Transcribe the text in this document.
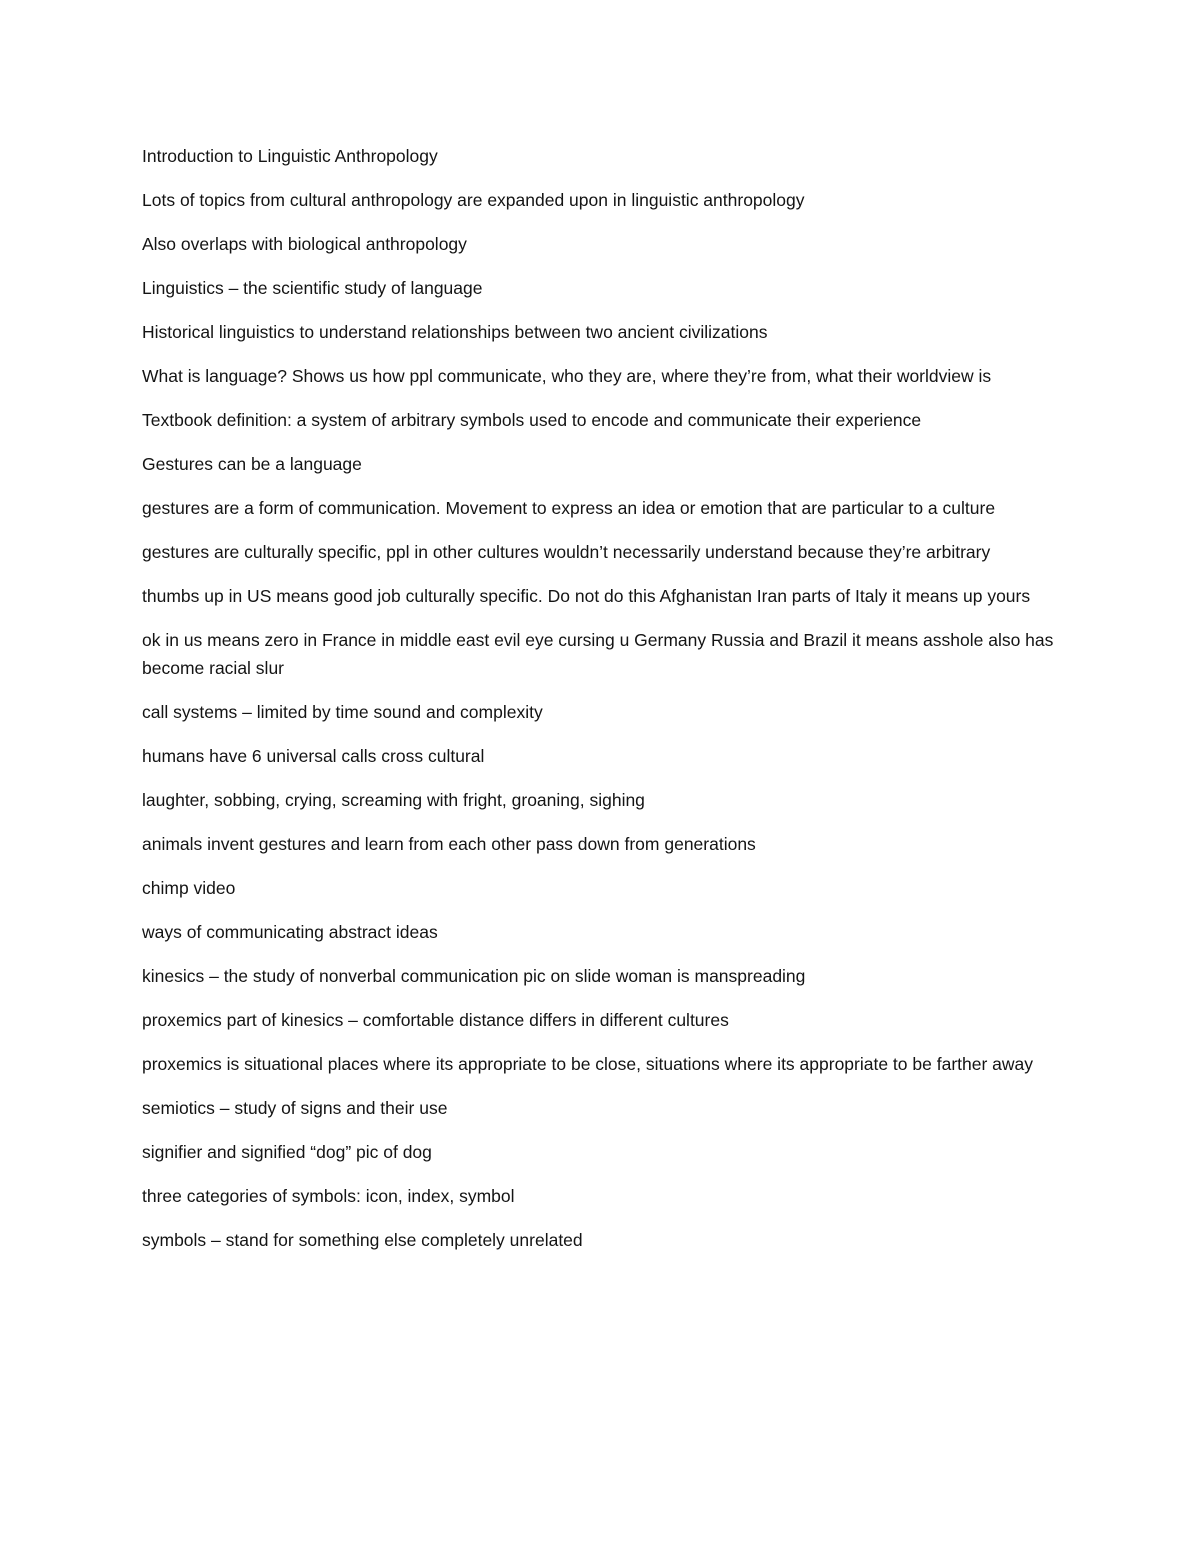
Introduction to Linguistic Anthropology

Lots of topics from cultural anthropology are expanded upon in linguistic anthropology

Also overlaps with biological anthropology

Linguistics – the scientific study of language

Historical linguistics to understand relationships between two ancient civilizations

What is language? Shows us how ppl communicate, who they are, where they’re from, what their worldview is

Textbook definition: a system of arbitrary symbols used to encode and communicate their experience

Gestures can be a language

gestures are a form of communication. Movement to express an idea or emotion that are particular to a culture

gestures are culturally specific, ppl in other cultures wouldn’t necessarily understand because they’re arbitrary

thumbs up in US means good job culturally specific. Do not do this Afghanistan Iran parts of Italy it means up yours

ok in us means zero in France in middle east evil eye cursing u Germany Russia and Brazil it means asshole also has become racial slur

call systems – limited by time sound and complexity

humans have 6 universal calls cross cultural

laughter, sobbing, crying, screaming with fright, groaning, sighing

animals invent gestures and learn from each other pass down from generations

chimp video

ways of communicating abstract ideas

kinesics – the study of nonverbal communication pic on slide woman is manspreading

proxemics part of kinesics – comfortable distance differs in different cultures

proxemics is situational places where its appropriate to be close, situations where its appropriate to be farther away

semiotics – study of signs and their use

signifier and signified “dog” pic of dog

three categories of symbols: icon, index, symbol

symbols – stand for something else completely unrelated
